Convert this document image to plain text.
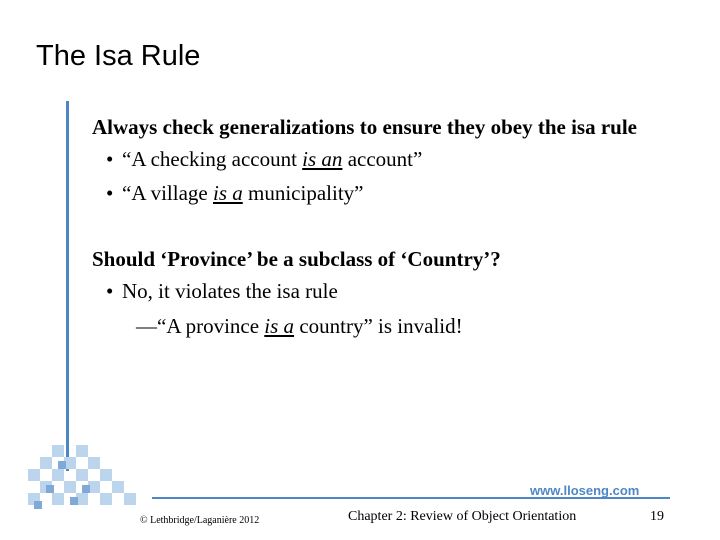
The Isa Rule
Always check generalizations to ensure they obey the isa rule
• “A checking account is an account”
• “A village is a municipality”
Should ‘Province’ be a subclass of ‘Country’?
• No, it violates the isa rule
—“A province is a country” is invalid!
www.lloseng.com
© Lethbridge/Laganière 2012	Chapter 2: Review of Object Orientation	19
